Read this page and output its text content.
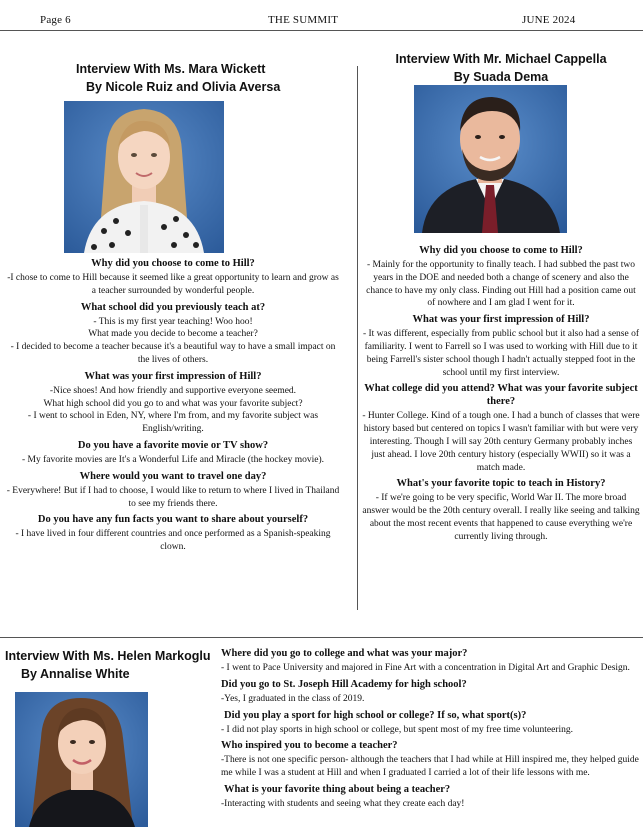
Page 6	THE SUMMIT	JUNE 2024
Interview With Ms. Mara Wickett
By Nicole Ruiz and Olivia Aversa
Why did you choose to come to Hill?

-I chose to come to Hill because it seemed like a great opportunity to learn and grow as a teacher surrounded by wonderful people.

What school did you previously teach at?

- This is my first year teaching! Woo hoo!

What made you decide to become a teacher?

- I decided to become a teacher because it's a beautiful way to have a small impact on the lives of others.

What was your first impression of Hill?

-Nice shoes! And how friendly and supportive everyone seemed.

What high school did you go to and what was your favorite subject?

- I went to school in Eden, NY, where I'm from, and my favorite subject was English/writing.

Do you have a favorite movie or TV show?

- My favorite movies are It's a Wonderful Life and Miracle (the hockey movie).

Where would you want to travel one day?

- Everywhere! But if I had to choose, I would like to return to where I lived in Thailand to see my friends there.

Do you have any fun facts you want to share about yourself?

- I have lived in four different countries and once performed as a Spanish-speaking clown.

Interview With Mr. Michael Cappella
By Suada Dema
Why did you choose to come to Hill?

- Mainly for the opportunity to finally teach. I had subbed the past two years in the DOE and needed both a change of scenery and also the chance to have my only class. Finding out Hill had a position came out of nowhere and I am glad I went for it.

What was your first impression of Hill?

- It was different, especially from public school but it also had a sense of familiarity. I went to Farrell so I was used to working with Hill due to it being Farrell's sister school though I hadn't actually stepped foot in the school until my first interview.

What college did you attend? What was your favorite subject there?

- Hunter College. Kind of a tough one. I had a bunch of classes that were history based but centered on topics I wasn't familiar with but were very interesting. Though I will say 20th century Germany probably inches just ahead. I love 20th century history (especially WWII) so it was a match made.

What's your favorite topic to teach in History?

- If we're going to be very specific, World War II. The more broad answer would be the 20th century overall. I really like seeing and talking about the most recent events that happened to cause everything we're currently living through.

Interview With Ms. Helen Markoglu
By Annalise White
Where did you go to college and what was your major?

- I went to Pace University and majored in Fine Art with a concentration in Digital Art and Graphic Design.

Did you go to St. Joseph Hill Academy for high school?

-Yes, I graduated in the class of 2019.

Did you play a sport for high school or college? If so, what sport(s)?

- I did not play sports in high school or college, but spent most of my free time volunteering.

Who inspired you to become a teacher?

-There is not one specific person- although the teachers that I had while at Hill inspired me, they helped guide me while I was a student at Hill and when I graduated I carried a lot of their life lessons with me.

What is your favorite thing about being a teacher?

-Interacting with students and seeing what they create each day!
